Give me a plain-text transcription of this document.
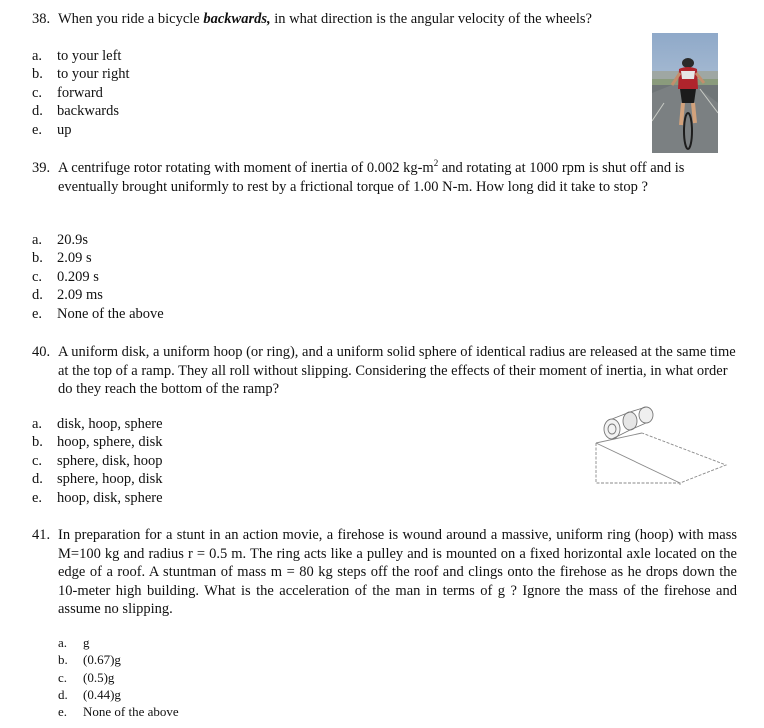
38. When you ride a bicycle backwards, in what direction is the angular velocity of the wheels?
a. to your left
b. to your right
c. forward
d. backwards
e. up
39. A centrifuge rotor rotating with moment of inertia of 0.002 $kg-m^2$ and rotating at 1000 rpm is shut off and is eventually brought uniformly to rest by a frictional torque of 1.00 N-m. How long did it take to stop ?
a. 20.9s
b. 2.09 s
c. 0.209 s
d. 2.09 ms
e. None of the above
40. A uniform disk, a uniform hoop (or ring), and a uniform solid sphere of identical radius are released at the same time at the top of a ramp. They all roll without slipping. Considering the effects of their moment of inertia, in what order do they reach the bottom of the ramp?
a. disk, hoop, sphere
b. hoop, sphere, disk
c. sphere, disk, hoop
d. sphere, hoop, disk
e. hoop, disk, sphere
41. In preparation for a stunt in an action movie, a firehose is wound around a massive, uniform ring (hoop) with mass M=100 kg and radius r = 0.5 m. The ring acts like a pulley and is mounted on a fixed horizontal axle located on the edge of a roof. A stuntman of mass m = 80 kg steps off the roof and clings onto the firehose as he drops down the 10-meter high building. What is the acceleration of the man in terms of g ? Ignore the mass of the firehose and assume no slipping.
a. g
b. (0.67)g
c. (0.5)g
d. (0.44)g
e. None of the above
